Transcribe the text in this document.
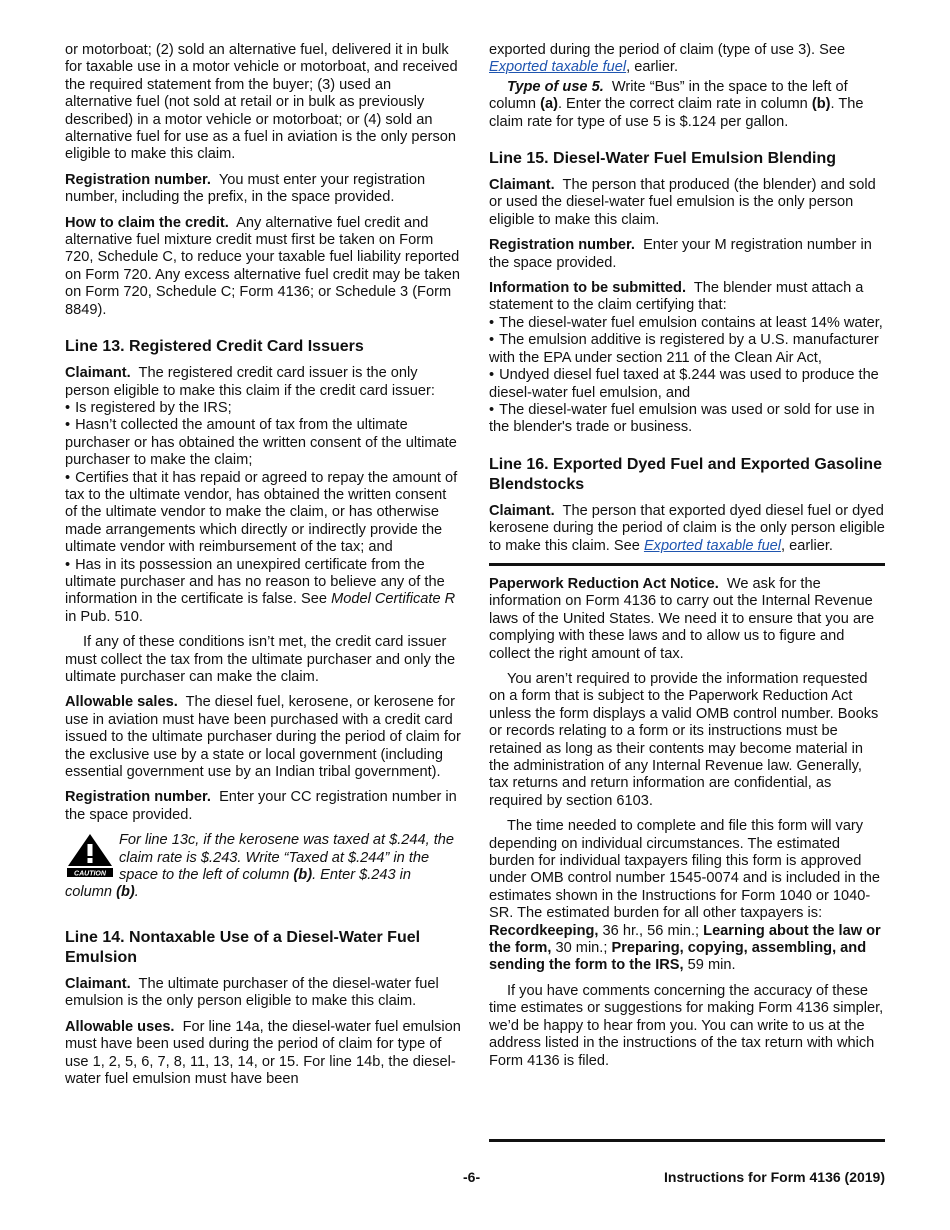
or motorboat; (2) sold an alternative fuel, delivered it in bulk for taxable use in a motor vehicle or motorboat, and received the required statement from the buyer; (3) used an alternative fuel (not sold at retail or in bulk as previously described) in a motor vehicle or motorboat; or (4) sold an alternative fuel for use as a fuel in aviation is the only person eligible to make this claim.

Registration number. You must enter your registration number, including the prefix, in the space provided.

How to claim the credit. Any alternative fuel credit and alternative fuel mixture credit must first be taken on Form 720, Schedule C, to reduce your taxable fuel liability reported on Form 720. Any excess alternative fuel credit may be taken on Form 720, Schedule C; Form 4136; or Schedule 3 (Form 8849).

Line 13. Registered Credit Card Issuers

Claimant. The registered credit card issuer is the only person eligible to make this claim if the credit card issuer:

• Is registered by the IRS;
• Hasn’t collected the amount of tax from the ultimate purchaser or has obtained the written consent of the ultimate purchaser to make the claim;
• Certifies that it has repaid or agreed to repay the amount of tax to the ultimate vendor, has obtained the written consent of the ultimate vendor to make the claim, or has otherwise made arrangements which directly or indirectly provide the ultimate vendor with reimbursement of the tax; and
• Has in its possession an unexpired certificate from the ultimate purchaser and has no reason to believe any of the information in the certificate is false. See Model Certificate R in Pub. 510.

If any of these conditions isn’t met, the credit card issuer must collect the tax from the ultimate purchaser and only the ultimate purchaser can make the claim.

Allowable sales. The diesel fuel, kerosene, or kerosene for use in aviation must have been purchased with a credit card issued to the ultimate purchaser during the period of claim for the exclusive use by a state or local government (including essential government use by an Indian tribal government).

Registration number. Enter your CC registration number in the space provided.

CAUTION
For line 13c, if the kerosene was taxed at $.244, the claim rate is $.243. Write “Taxed at $.244” in the space to the left of column (b). Enter $.243 in column (b).
Line 14. Nontaxable Use of a Diesel-Water Fuel Emulsion

Claimant. The ultimate purchaser of the diesel-water fuel emulsion is the only person eligible to make this claim.

Allowable uses. For line 14a, the diesel-water fuel emulsion must have been used during the period of claim for type of use 1, 2, 5, 6, 7, 8, 11, 13, 14, or 15. For line 14b, the diesel-water fuel emulsion must have been

exported during the period of claim (type of use 3). See Exported taxable fuel, earlier.

Type of use 5. Write “Bus” in the space to the left of column (a). Enter the correct claim rate in column (b). The claim rate for type of use 5 is $.124 per gallon.

Line 15. Diesel-Water Fuel Emulsion Blending

Claimant. The person that produced (the blender) and sold or used the diesel-water fuel emulsion is the only person eligible to make this claim.

Registration number. Enter your M registration number in the space provided.

Information to be submitted. The blender must attach a statement to the claim certifying that:

• The diesel-water fuel emulsion contains at least 14% water,
• The emulsion additive is registered by a U.S. manufacturer with the EPA under section 211 of the Clean Air Act,
• Undyed diesel fuel taxed at $.244 was used to produce the diesel-water fuel emulsion, and
• The diesel-water fuel emulsion was used or sold for use in the blender's trade or business.
Line 16. Exported Dyed Fuel and Exported Gasoline Blendstocks

Claimant. The person that exported dyed diesel fuel or dyed kerosene during the period of claim is the only person eligible to make this claim. See Exported taxable fuel, earlier.

Paperwork Reduction Act Notice. We ask for the information on Form 4136 to carry out the Internal Revenue laws of the United States. We need it to ensure that you are complying with these laws and to allow us to figure and collect the right amount of tax.

You aren’t required to provide the information requested on a form that is subject to the Paperwork Reduction Act unless the form displays a valid OMB control number. Books or records relating to a form or its instructions must be retained as long as their contents may become material in the administration of any Internal Revenue law. Generally, tax returns and return information are confidential, as required by section 6103.

The time needed to complete and file this form will vary depending on individual circumstances. The estimated burden for individual taxpayers filing this form is approved under OMB control number 1545-0074 and is included in the estimates shown in the Instructions for Form 1040 or 1040-SR. The estimated burden for all other taxpayers is: Recordkeeping, 36 hr., 56 min.; Learning about the law or the form, 30 min.; Preparing, copying, assembling, and sending the form to the IRS, 59 min.

If you have comments concerning the accuracy of these time estimates or suggestions for making Form 4136 simpler, we’d be happy to hear from you. You can write to us at the address listed in the instructions of the tax return with which Form 4136 is filed.

-6-	Instructions for Form 4136 (2019)
